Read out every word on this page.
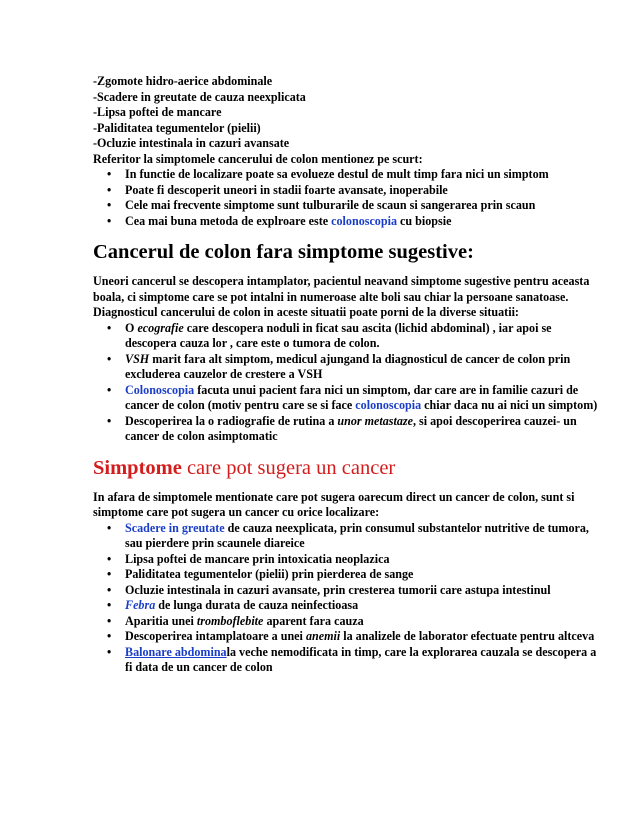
-Zgomote hidro-aerice abdominale

-Scadere in greutate de cauza neexplicata

-Lipsa poftei de mancare

-Paliditatea tegumentelor (pielii)

-Ocluzie intestinala in cazuri avansate

Referitor la simptomele cancerului de colon mentionez pe scurt:

• In functie de localizare poate sa evolueze destul de mult timp fara nici un simptom
• Poate fi descoperit uneori in stadii foarte avansate, inoperabile
• Cele mai frecvente simptome sunt tulburarile de scaun si sangerarea prin scaun
• Cea mai buna metoda de explroare este colonoscopia cu biopsie
Cancerul de colon fara simptome sugestive:

Uneori cancerul se descopera intamplator, pacientul neavand simptome sugestive pentru aceasta boala, ci simptome care se pot intalni in numeroase alte boli sau chiar la persoane sanatoase.

Diagnosticul cancerului de colon in aceste situatii poate porni de la diverse situatii:

• O ecografie care descopera noduli in ficat sau ascita (lichid abdominal) , iar apoi se descopera cauza lor , care este o tumora de colon.
• VSH marit fara alt simptom, medicul ajungand la diagnosticul de cancer de colon prin excluderea cauzelor de crestere a VSH
• Colonoscopia facuta unui pacient fara nici un simptom, dar care are in familie cazuri de cancer de colon (motiv pentru care se si face colonoscopia chiar daca nu ai nici un simptom)
• Descoperirea la o radiografie de rutina a unor metastaze, si apoi descoperirea cauzei- un cancer de colon asimptomatic
Simptome care pot sugera un cancer

In afara de simptomele mentionate care pot sugera oarecum direct un cancer de colon, sunt si simptome care pot sugera un cancer cu orice localizare:

• Scadere in greutate de cauza neexplicata, prin consumul substantelor nutritive de tumora, sau pierdere prin scaunele diareice
• Lipsa poftei de mancare prin intoxicatia neoplazica
• Paliditatea tegumentelor (pielii) prin pierderea de sange
• Ocluzie intestinala in cazuri avansate, prin cresterea tumorii care astupa intestinul
• Febra de lunga durata de cauza neinfectioasa
• Aparitia unei tromboflebite aparent fara cauza
• Descoperirea intamplatoare a unei anemii la analizele de laborator efectuate pentru altceva
• Balonare abdominala veche nemodificata in timp, care la explorarea cauzala se descopera a fi data de un cancer de colon
